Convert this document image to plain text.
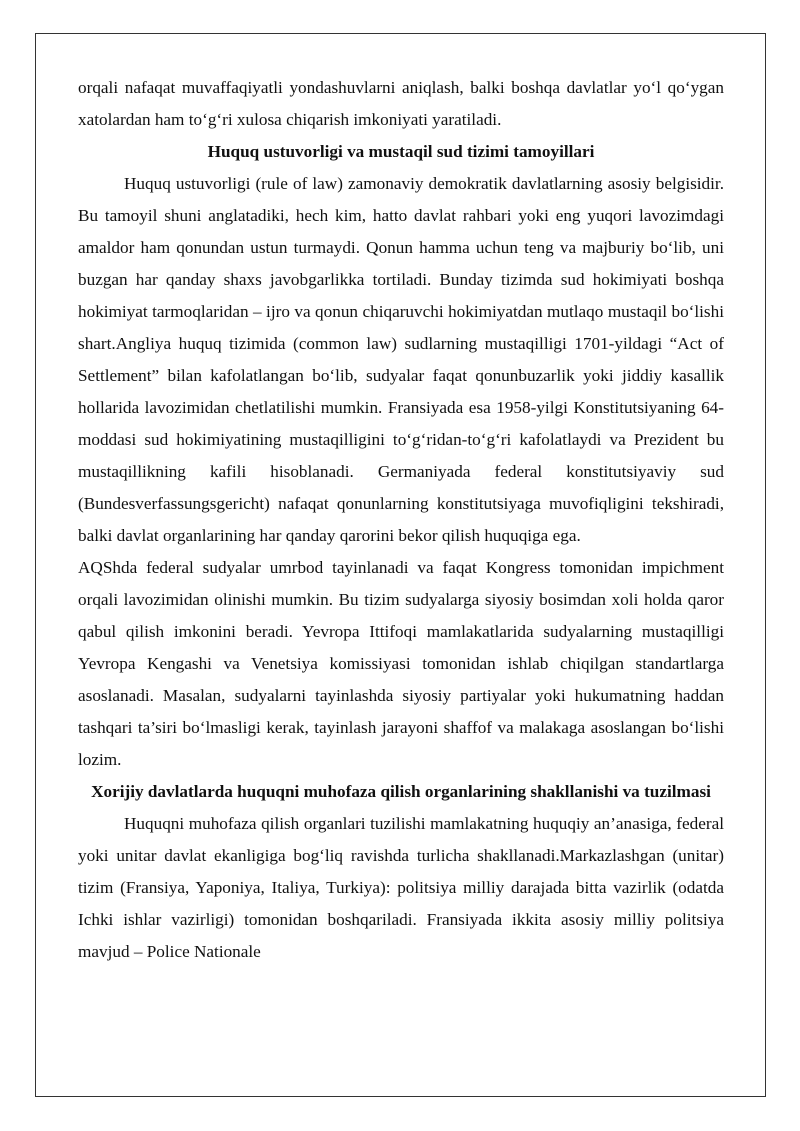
orqali nafaqat muvaffaqiyatli yondashuvlarni aniqlash, balki boshqa davlatlar yo‘l qo‘ygan xatolardan ham to‘g‘ri xulosa chiqarish imkoniyati yaratiladi.

Huquq ustuvorligi va mustaqil sud tizimi tamoyillari

Huquq ustuvorligi (rule of law) zamonaviy demokratik davlatlarning asosiy belgisidir. Bu tamoyil shuni anglatadiki, hech kim, hatto davlat rahbari yoki eng yuqori lavozimdagi amaldor ham qonundan ustun turmaydi. Qonun hamma uchun teng va majburiy bo‘lib, uni buzgan har qanday shaxs javobgarlikka tortiladi. Bunday tizimda sud hokimiyati boshqa hokimiyat tarmoqlaridan – ijro va qonun chiqaruvchi hokimiyatdan mutlaqo mustaqil bo‘lishi shart.Angliya huquq tizimida (common law) sudlarning mustaqilligi 1701-yildagi “Act of Settlement” bilan kafolatlangan bo‘lib, sudyalar faqat qonunbuzarlik yoki jiddiy kasallik hollarida lavozimidan chetlatilishi mumkin. Fransiyada esa 1958-yilgi Konstitutsiyaning 64-moddasi sud hokimiyatining mustaqilligini to‘g‘ridan-to‘g‘ri kafolatlaydi va Prezident bu mustaqillikning kafili hisoblanadi. Germaniyada federal konstitutsiyaviy sud (Bundesverfassungsgericht) nafaqat qonunlarning konstitutsiyaga muvofiqligini tekshiradi, balki davlat organlarining har qanday qarorini bekor qilish huquqiga ega.

AQShda federal sudyalar umrbod tayinlanadi va faqat Kongress tomonidan impichment orqali lavozimidan olinishi mumkin. Bu tizim sudyalarga siyosiy bosimdan xoli holda qaror qabul qilish imkonini beradi. Yevropa Ittifoqi mamlakatlarida sudyalarning mustaqilligi Yevropa Kengashi va Venetsiya komissiyasi tomonidan ishlab chiqilgan standartlarga asoslanadi. Masalan, sudyalarni tayinlashda siyosiy partiyalar yoki hukumatning haddan tashqari ta’siri bo‘lmasligi kerak, tayinlash jarayoni shaffof va malakaga asoslangan bo‘lishi lozim.

Xorijiy davlatlarda huquqni muhofaza qilish organlarining shakllanishi va tuzilmasi

Huquqni muhofaza qilish organlari tuzilishi mamlakatning huquqiy an’anasiga, federal yoki unitar davlat ekanligiga bog‘liq ravishda turlicha shakllanadi.Markazlashgan (unitar) tizim (Fransiya, Yaponiya, Italiya, Turkiya): politsiya milliy darajada bitta vazirlik (odatda Ichki ishlar vazirligi) tomonidan boshqariladi. Fransiyada ikkita asosiy milliy politsiya mavjud – Police Nationale
